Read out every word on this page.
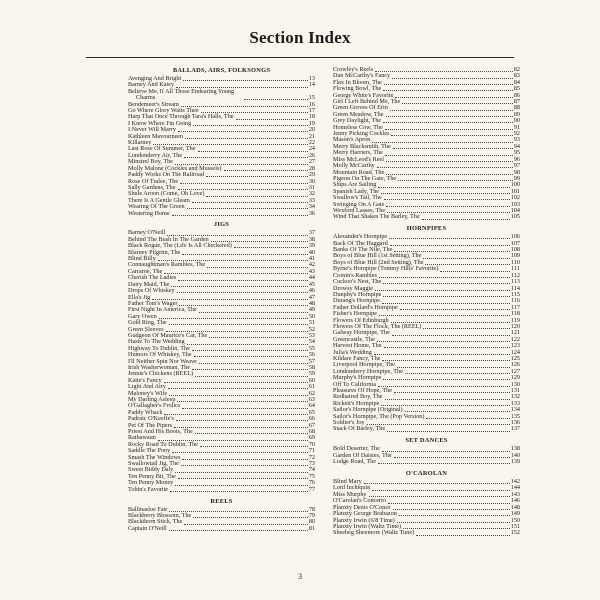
Section Index
BALLADS, AIRS, FOLKSONGS
Avenging And Bright	13
Barney And Katey	14
Believe Me, If All Those Endearing Young Charms	15
Bendemeer's Stream	16
Go Where Glory Waits Thee	17
Harp That Once Through Tara's Halls, The	18
I Know Where I'm Going	19
I Never Will Marry	20
Kathleen Mavourneen	21
Killarney	22
Last Rose Of Summer, The	24
Londonderry Air, The	26
Minstrel Boy, The	27
Molly Malone (Cockles and Mussels)	28
Paddy Works On The Railroad	29
Rose Of Tralee, The	30
Sally Gardens, The	31
Shule Aroon (Come, Oh Love)	32
There Is A Gentle Gleam	33
Wearing Of The Green	34
Westering Home	36
JIGS
Barney O'Neill	37
Behind The Bush In The Garden	38
Black Rogue, The (Life Is All Checkered)	39
Blarney Pilgrim, The	40
Blind Billy	41
Connaughtman's Rambles, The	42
Carraroe, The	43
Cherish The Ladies	44
Dairy Maid, The	45
Drops Of Whiskey	46
Ella's Jig	47
Father Tom's Wager	48
First Night In America, The	49
Gary Owen	50
Gold Ring, The	51
Green Sleeves	52
Gudgeon Of Maurice's Car, The	53
Haste To The Wedding	54
Highway To Dublin, The	55
Humors Of Whiskey, The	56
I'll Neither Spin Nor Weave	57
Irish Washerwoman, The	58
Jennie's Chickens (REEL)	59
Katie's Fancy	60
Light And Airy	61
Maloney's Wife	62
My Darling Asleep	63
O'Gallagher's Frolics	64
Paddy Whack	65
Padraic O'Keeffe's	66
Pet Of The Pipers	67
Priest And His Boots, The	68
Rathawaun	69
Rocky Road To Dublin, The	70
Saddle The Pony	71
Smash The Windows	72
Swallowtail Jig, The	73
Sweet Biddy Daly	74
Ten Penny Bit, The	75
Ten Penny Money	76
Tobin's Favorite	77
REELS
Ballinasloe Fair	78
Blackberry Blossom, The	79
Blackthorn Stick, The	80
Captain O'Neill	81
Crowley's Reels	82
Dan McCarthy's Fancy	83
Flax In Bloom, The	84
Flowing Bowl, The	85
George White's Favorite	86
Girl I Left Behind Me, The	87
Green Groves Of Erin	88
Green Meadow, The	89
Grey Daylight, The	90
Homeless Cow, The	91
Jenny Picking Cockles	92
Mason's Apron	93
Merry Blacksmith, The	94
Merry Harriers, The	95
Miss McLeod's Reel	96
Molly McCarthy	97
Mountain Road, The	98
Pigeon On The Gate, The	99
Ships Are Sailing	100
Spanish Lady, The	101
Swallow's Tail, The	102
Swinging On A Gate	103
Wexford Lasses, The	104
Wind That Shakes The Barley, The	105
HORNPIPES
Alexander's Hornpipe	106
Back Of The Haggard	107
Banks Of The Nile, The	108
Boys of Blue Hill (1st Setting), The	109
Boys of Blue Hill (2nd Setting), The	110
Byrne's Hornpipe (Tommy Hills' Favorite)	111
Cronin's Rambles	112
Cuckoo's Nest, The	113
Drowsy Maggie	114
Dunphy's Hornpipe	115
Durang's Hornpipe	116
Father Dollard's Hornpipe	117
Fisher's Hornpipe	118
Flowers Of Edinburgh	119
Flowers Of The Flock, The (REEL)	120
Galway Hornpipe, The	121
Greencastle, The	122
Harvest Home, The	123
Julia's Wedding	124
Kildare Fancy, The	125
Liverpool Hornpipe, The	126
Londonderry Hornpipe, The	127
Murphy's Hornpipe	129
Off To California	130
Pleasures Of Hope, The	131
Redhaired Boy, The	132
Rickett's Hornpipe	133
Sailor's Hornpipe (Original)	134
Sailor's Hornpipe, The (Pop Version)	135
Soldier's Joy	136
Stack Of Barley, The	137
SET DANCES
Bold Deserter, The	138
Garden Of Daisies, The	140
Lodge Road, The	139
O'CAROLAN
Blind Mary	142
Lord Inchiquin	144
Miss Murphy	143
O'Carolan's Concerto	146
Planxty Denis O'Conor	148
Planxty George Brabazon	149
Planxty Irwin (6/8 Time)	150
Planxty Irwin (Waltz Time)	151
Sheebeg Sheemore (Waltz Tune)	152
3
